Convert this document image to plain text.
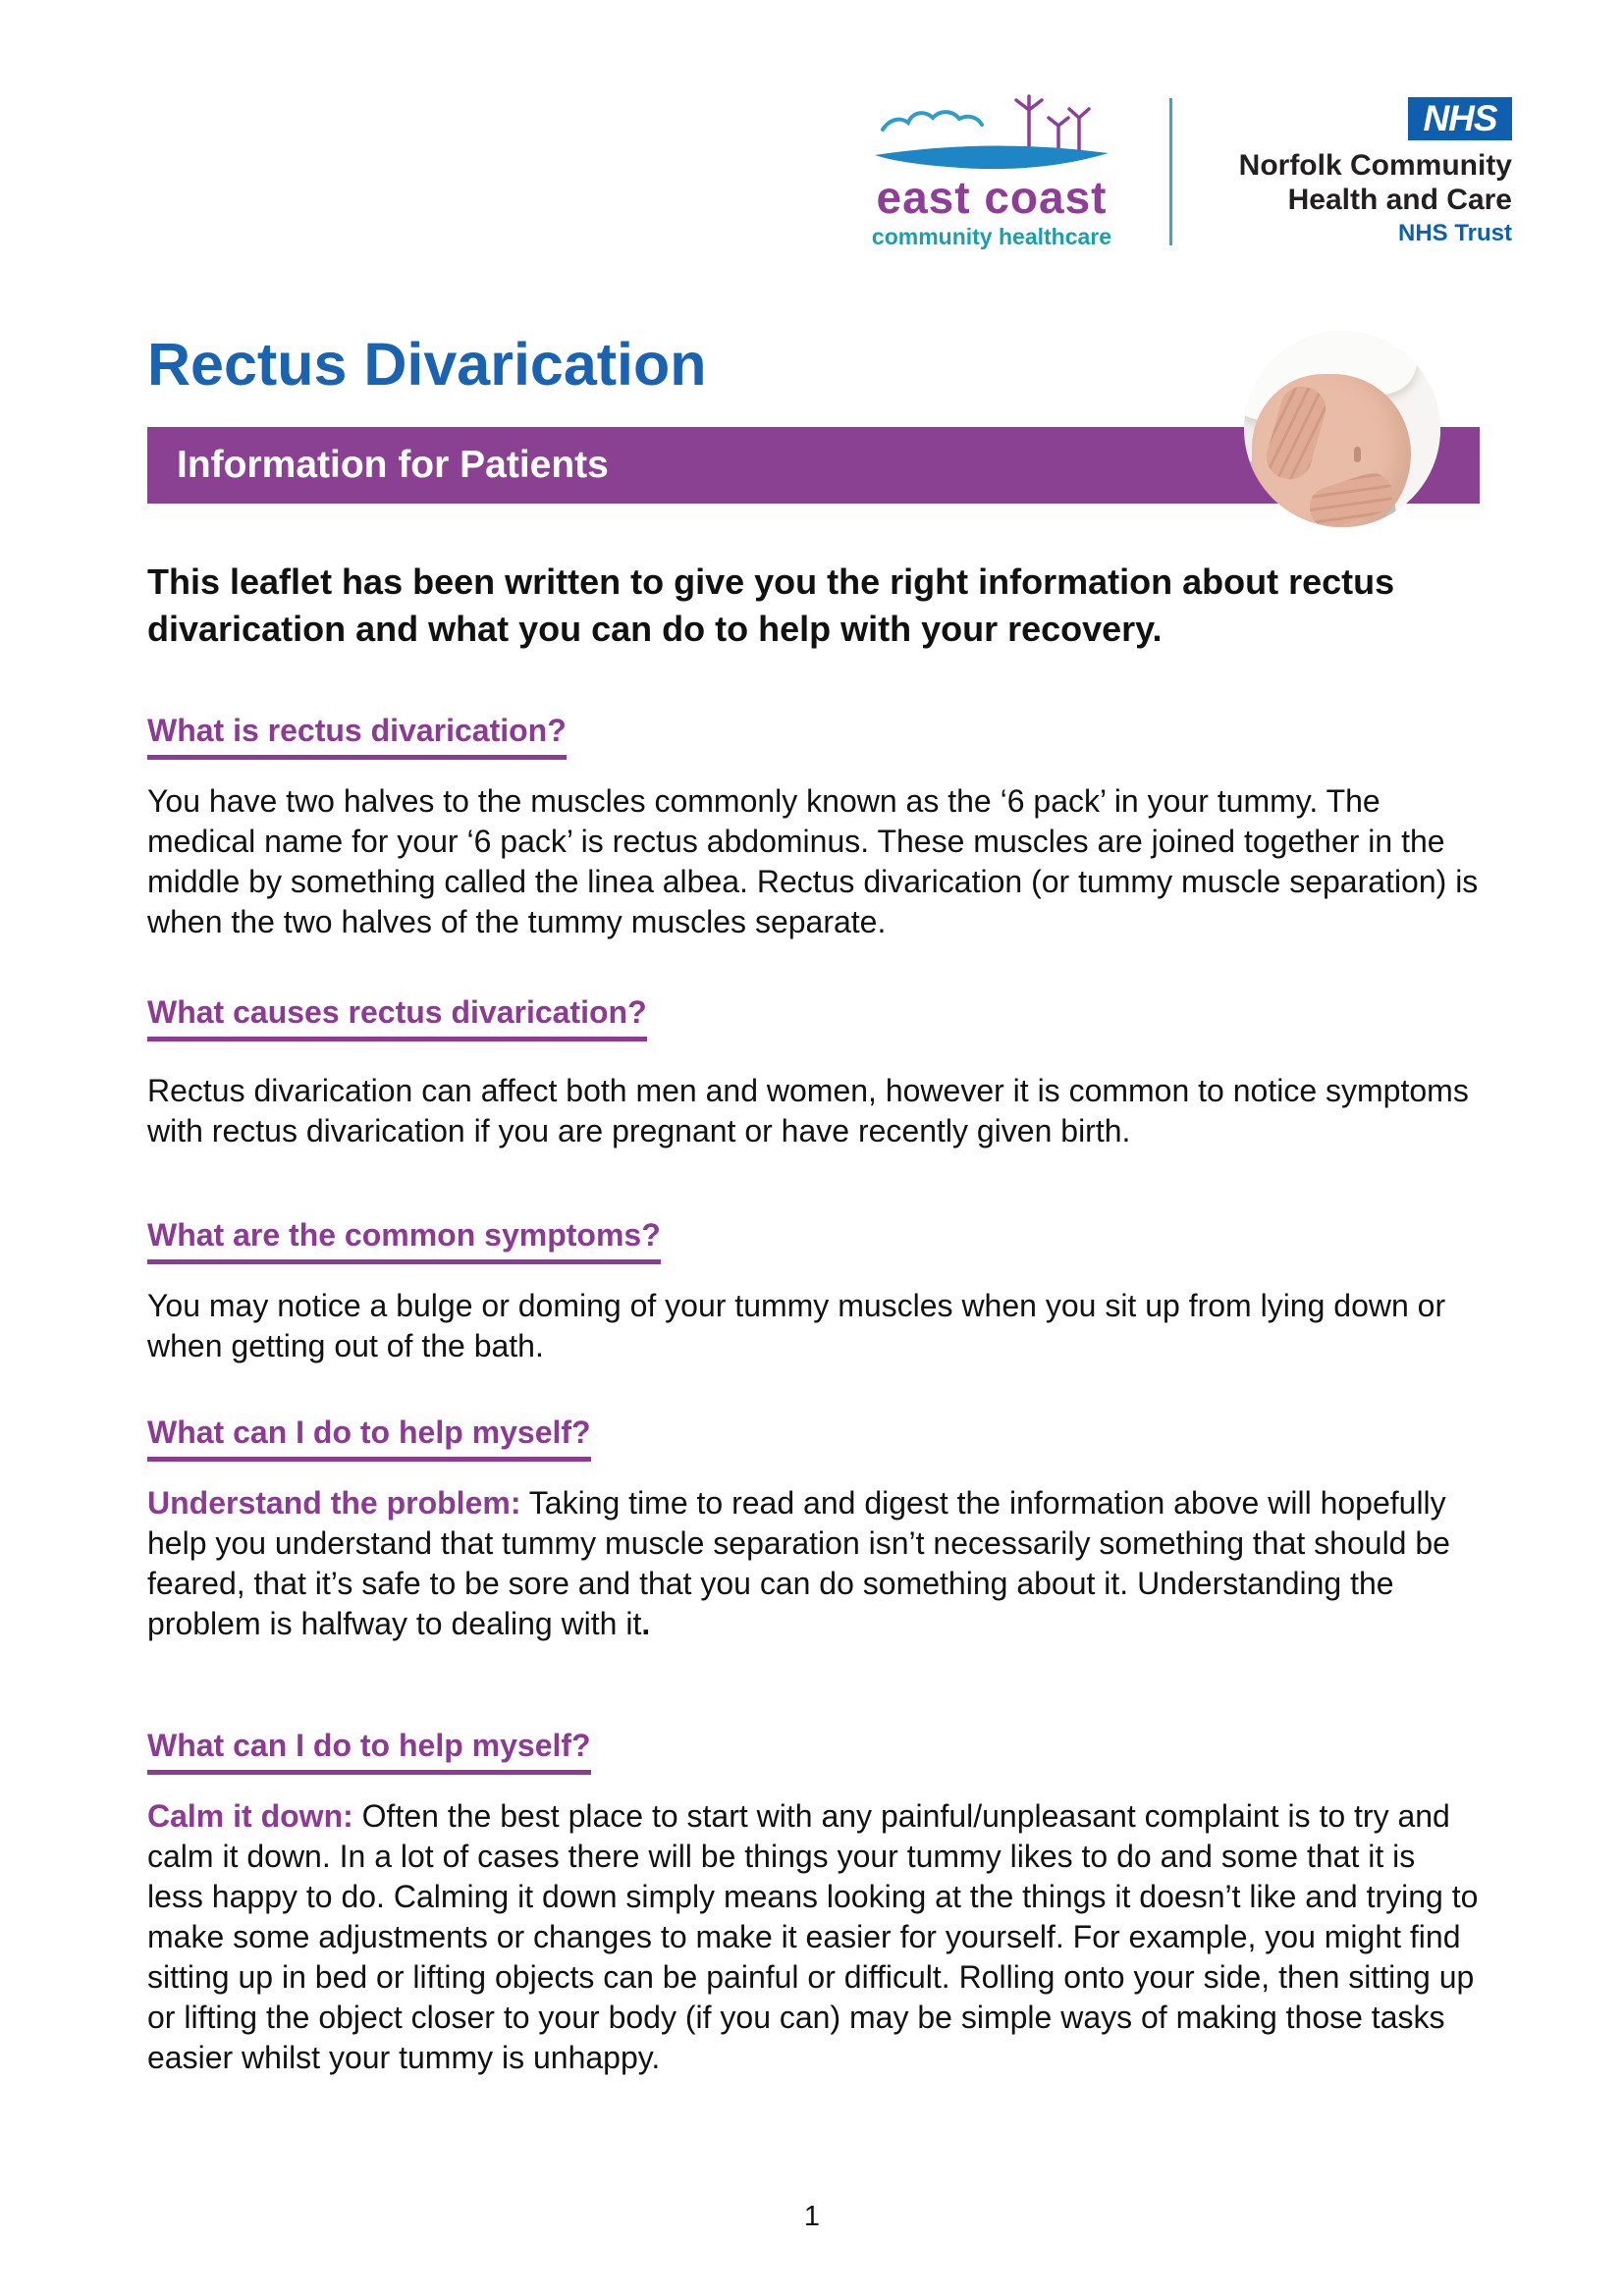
east coast
community healthcare
NHS
Norfolk Community
Health and Care
NHS Trust
Rectus Divarication
Information for Patients

This leaflet has been written to give you the right information about rectus divarication and what you can do to help with your recovery.

What is rectus divarication?

You have two halves to the muscles commonly known as the ‘6 pack’ in your tummy. The medical name for your ‘6 pack’ is rectus abdominus. These muscles are joined together in the middle by something called the linea albea. Rectus divarication (or tummy muscle separation) is when the two halves of the tummy muscles separate.

What causes rectus divarication?

Rectus divarication can affect both men and women, however it is common to notice symptoms with rectus divarication if you are pregnant or have recently given birth.

What are the common symptoms?

You may notice a bulge or doming of your tummy muscles when you sit up from lying down or when getting out of the bath.

What can I do to help myself?

Understand the problem: Taking time to read and digest the information above will hopefully help you understand that tummy muscle separation isn’t necessarily something that should be feared, that it’s safe to be sore and that you can do something about it. Understanding the problem is halfway to dealing with it.

What can I do to help myself?

Calm it down: Often the best place to start with any painful/unpleasant complaint is to try and calm it down. In a lot of cases there will be things your tummy likes to do and some that it is less happy to do. Calming it down simply means looking at the things it doesn’t like and trying to make some adjustments or changes to make it easier for yourself. For example, you might find sitting up in bed or lifting objects can be painful or difficult. Rolling onto your side, then sitting up or lifting the object closer to your body (if you can) may be simple ways of making those tasks easier whilst your tummy is unhappy.

1
